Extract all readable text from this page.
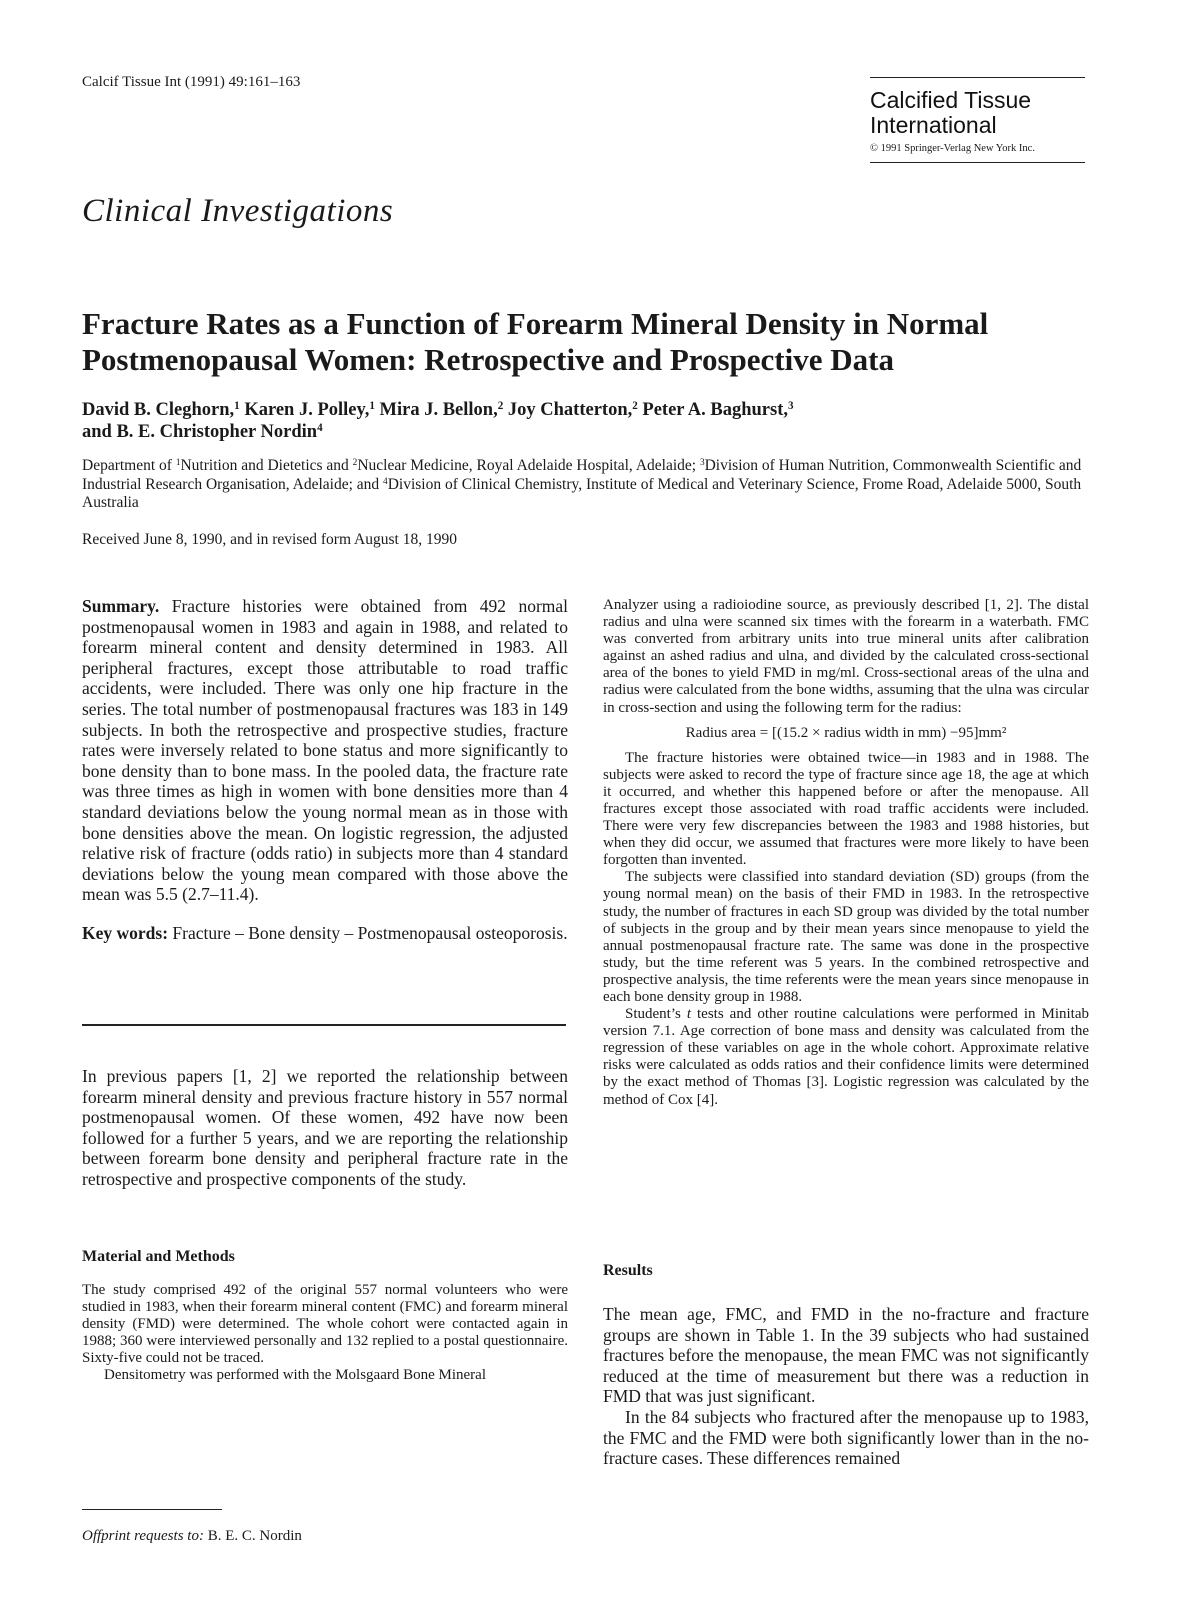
Calcif Tissue Int (1991) 49:161–163
Calcified Tissue
International
© 1991 Springer-Verlag New York Inc.
Clinical Investigations
Fracture Rates as a Function of Forearm Mineral Density in Normal Postmenopausal Women: Retrospective and Prospective Data
David B. Cleghorn,$^1$ Karen J. Polley,$^1$ Mira J. Bellon,$^2$ Joy Chatterton,$^2$ Peter A. Baghurst,$^3$
and B. E. Christopher Nordin$^4$
Department of $^1$Nutrition and Dietetics and $^2$Nuclear Medicine, Royal Adelaide Hospital, Adelaide; $^3$Division of Human Nutrition, Commonwealth Scientific and Industrial Research Organisation, Adelaide; and $^4$Division of Clinical Chemistry, Institute of Medical and Veterinary Science, Frome Road, Adelaide 5000, South Australia
Received June 8, 1990, and in revised form August 18, 1990

Summary. Fracture histories were obtained from 492 normal postmenopausal women in 1983 and again in 1988, and related to forearm mineral content and density determined in 1983. All peripheral fractures, except those attributable to road traffic accidents, were included. There was only one hip fracture in the series. The total number of postmenopausal fractures was 183 in 149 subjects. In both the retrospective and prospective studies, fracture rates were inversely related to bone status and more significantly to bone density than to bone mass. In the pooled data, the fracture rate was three times as high in women with bone densities more than 4 standard deviations below the young normal mean as in those with bone densities above the mean. On logistic regression, the adjusted relative risk of fracture (odds ratio) in subjects more than 4 standard deviations below the young mean compared with those above the mean was 5.5 (2.7–11.4).

Key words: Fracture – Bone density – Postmenopausal osteoporosis.

In previous papers [1, 2] we reported the relationship between forearm mineral density and previous fracture history in 557 normal postmenopausal women. Of these women, 492 have now been followed for a further 5 years, and we are reporting the relationship between forearm bone density and peripheral fracture rate in the retrospective and prospective components of the study.

Material and Methods

The study comprised 492 of the original 557 normal volunteers who were studied in 1983, when their forearm mineral content (FMC) and forearm mineral density (FMD) were determined. The whole cohort were contacted again in 1988; 360 were interviewed personally and 132 replied to a postal questionnaire. Sixty-five could not be traced.

Densitometry was performed with the Molsgaard Bone Mineral

Offprint requests to: B. E. C. Nordin

Analyzer using a radioiodine source, as previously described [1, 2]. The distal radius and ulna were scanned six times with the forearm in a waterbath. FMC was converted from arbitrary units into true mineral units after calibration against an ashed radius and ulna, and divided by the calculated cross-sectional area of the bones to yield FMD in mg/ml. Cross-sectional areas of the ulna and radius were calculated from the bone widths, assuming that the ulna was circular in cross-section and using the following term for the radius:

Radius area = [(15.2 × radius width in mm) −95]mm²

The fracture histories were obtained twice—in 1983 and in 1988. The subjects were asked to record the type of fracture since age 18, the age at which it occurred, and whether this happened before or after the menopause. All fractures except those associated with road traffic accidents were included. There were very few discrepancies between the 1983 and 1988 histories, but when they did occur, we assumed that fractures were more likely to have been forgotten than invented.

The subjects were classified into standard deviation (SD) groups (from the young normal mean) on the basis of their FMD in 1983. In the retrospective study, the number of fractures in each SD group was divided by the total number of subjects in the group and by their mean years since menopause to yield the annual postmenopausal fracture rate. The same was done in the prospective study, but the time referent was 5 years. In the combined retrospective and prospective analysis, the time referents were the mean years since menopause in each bone density group in 1988.

Student’s t tests and other routine calculations were performed in Minitab version 7.1. Age correction of bone mass and density was calculated from the regression of these variables on age in the whole cohort. Approximate relative risks were calculated as odds ratios and their confidence limits were determined by the exact method of Thomas [3]. Logistic regression was calculated by the method of Cox [4].

Results

The mean age, FMC, and FMD in the no-fracture and fracture groups are shown in Table 1. In the 39 subjects who had sustained fractures before the menopause, the mean FMC was not significantly reduced at the time of measurement but there was a reduction in FMD that was just significant.

In the 84 subjects who fractured after the menopause up to 1983, the FMC and the FMD were both significantly lower than in the no-fracture cases. These differences remained
